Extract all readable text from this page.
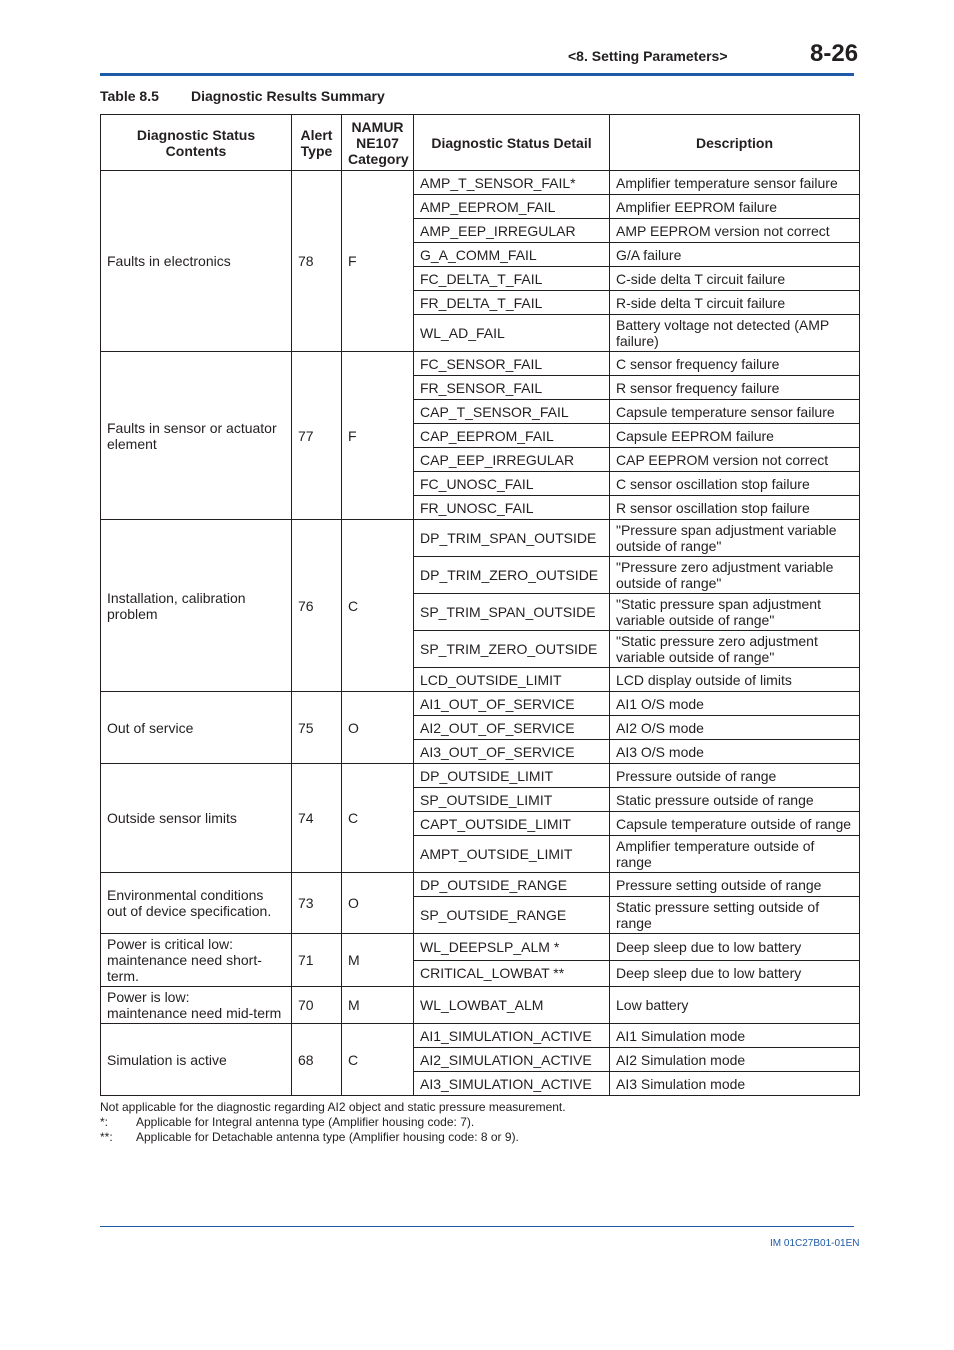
<8. Setting Parameters>	8-26
Table 8.5 Diagnostic Results Summary
Diagnostic Status Contents	Alert Type	NAMUR NE107 Category	Diagnostic Status Detail	Description
Faults in electronics	78	F	AMP_T_SENSOR_FAIL*	Amplifier temperature sensor failure
			AMP_EEPROM_FAIL	Amplifier EEPROM failure
			AMP_EEP_IRREGULAR	AMP EEPROM version not correct
			G_A_COMM_FAIL	G/A failure
			FC_DELTA_T_FAIL	C-side delta T circuit failure
			FR_DELTA_T_FAIL	R-side delta T circuit failure
			WL_AD_FAIL	Battery voltage not detected (AMP failure)
Faults in sensor or actuator element	77	F	FC_SENSOR_FAIL	C sensor frequency failure
			FR_SENSOR_FAIL	R sensor frequency failure
			CAP_T_SENSOR_FAIL	Capsule temperature sensor failure
			CAP_EEPROM_FAIL	Capsule EEPROM failure
			CAP_EEP_IRREGULAR	CAP EEPROM version not correct
			FC_UNOSC_FAIL	C sensor oscillation stop failure
			FR_UNOSC_FAIL	R sensor oscillation stop failure
Installation, calibration problem	76	C	DP_TRIM_SPAN_OUTSIDE	"Pressure span adjustment variable outside of range"
			DP_TRIM_ZERO_OUTSIDE	"Pressure zero adjustment variable outside of range"
			SP_TRIM_SPAN_OUTSIDE	"Static pressure span adjustment variable outside of range"
			SP_TRIM_ZERO_OUTSIDE	"Static pressure zero adjustment variable outside of range"
			LCD_OUTSIDE_LIMIT	LCD display outside of limits
Out of service	75	O	AI1_OUT_OF_SERVICE	AI1 O/S mode
			AI2_OUT_OF_SERVICE	AI2 O/S mode
			AI3_OUT_OF_SERVICE	AI3 O/S mode
Outside sensor limits	74	C	DP_OUTSIDE_LIMIT	Pressure outside of range
			SP_OUTSIDE_LIMIT	Static pressure outside of range
			CAPT_OUTSIDE_LIMIT	Capsule temperature outside of range
			AMPT_OUTSIDE_LIMIT	Amplifier temperature outside of range
Environmental conditions out of device specification.	73	O	DP_OUTSIDE_RANGE	Pressure setting outside of range
			SP_OUTSIDE_RANGE	Static pressure setting outside of range
Power is critical low:
maintenance need short-term.	71	M	WL_DEEPSLP_ALM *	Deep sleep due to low battery
			CRITICAL_LOWBAT **	Deep sleep due to low battery
Power is low:
maintenance need mid-term	70	M	WL_LOWBAT_ALM	Low battery
Simulation is active	68	C	AI1_SIMULATION_ACTIVE	AI1 Simulation mode
			AI2_SIMULATION_ACTIVE	AI2 Simulation mode
			AI3_SIMULATION_ACTIVE	AI3 Simulation mode
Not applicable for the diagnostic regarding AI2 object and static pressure measurement.
*: Applicable for Integral antenna type (Amplifier housing code: 7).
**: Applicable for Detachable antenna type (Amplifier housing code: 8 or 9).
IM 01C27B01-01EN
